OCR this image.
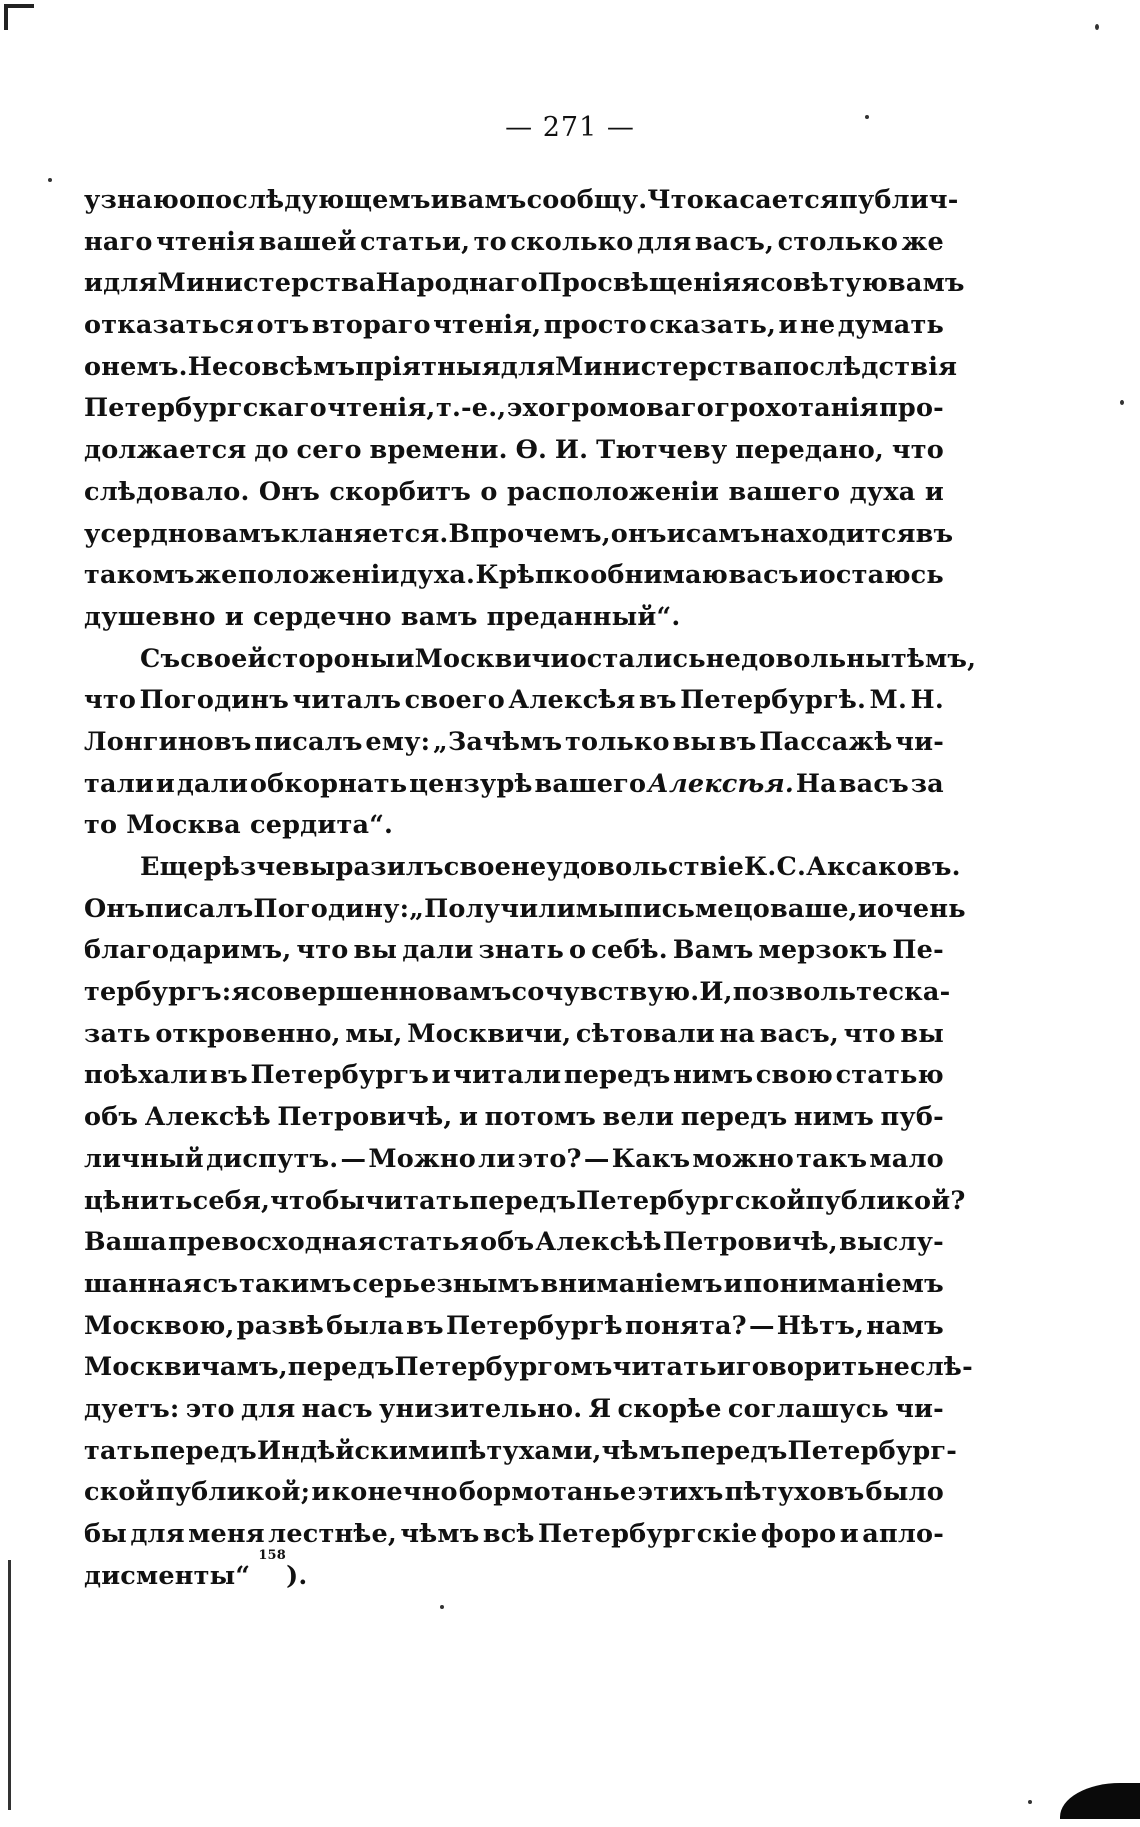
— 271 —
узнаю о послѣдующемъ и вамъ сообщу. Что касается публич-
наго чтенія вашей статьи, то сколько для васъ, столько же
и для Министерства Народнаго Просвѣщенія я совѣтую вамъ
отказаться отъ втораго чтенія, просто сказать, и не думать
о немъ. Несовсѣмъ пріятныя для Министерства послѣдствія
Петербургскаго чтенія, т.-е., эхо громоваго грохотанія про-
должается до сего времени. Ѳ. И. Тютчеву передано, что
слѣдовало. Онъ скорбитъ о расположеніи вашего духа и
усердно вамъ кланяется. Впрочемъ, онъ и самъ находится въ
такомъ же положеніи духа. Крѣпко обнимаю васъ и остаюсь
душевно и сердечно вамъ преданный“.
Съ своей стороны и Москвичи остались недовольны тѣмъ,
что Погодинъ читалъ своего Алексѣя въ Петербургѣ. М. Н.
Лонгиновъ писалъ ему: „Зачѣмъ только вы въ Пассажѣ чи-
тали и дали обкорнать цензурѣ вашего Алексѣя. На васъ за
то Москва сердита“.
Еще рѣзче выразилъ свое неудовольствіе К. С. Аксаковъ.
Онъ писалъ Погодину: „Получили мы письмецо ваше, и очень
благодаримъ, что вы дали знать о себѣ. Вамъ мерзокъ Пе-
тербургъ: я совершенно вамъ сочувствую. И, позвольте ска-
зать откровенно, мы, Москвичи, сѣтовали на васъ, что вы
поѣхали въ Петербургъ и читали передъ нимъ свою статью
объ Алексѣѣ Петровичѣ, и потомъ вели передъ нимъ пуб-
личный диспутъ. — Можно ли это? — Какъ можно такъ мало
цѣнить себя, чтобы читать передъ Петербургской публикой?
Ваша превосходная статья объ Алексѣѣ Петровичѣ, выслу-
шанная съ такимъ серьезнымъ вниманіемъ и пониманіемъ
Москвою, развѣ была въ Петербургѣ понята? — Нѣтъ, намъ
Москвичамъ, передъ Петербургомъ читать и говорить не слѣ-
дуетъ: это для насъ унизительно. Я скорѣе соглашусь чи-
тать передъ Индѣйскими пѣтухами, чѣмъ передъ Петербург-
ской публикой; и конечно бормотанье этихъ пѣтуховъ было
бы для меня лестнѣе, чѣмъ всѣ Петербургскіе форо и апло-
дисменты“
158
).
